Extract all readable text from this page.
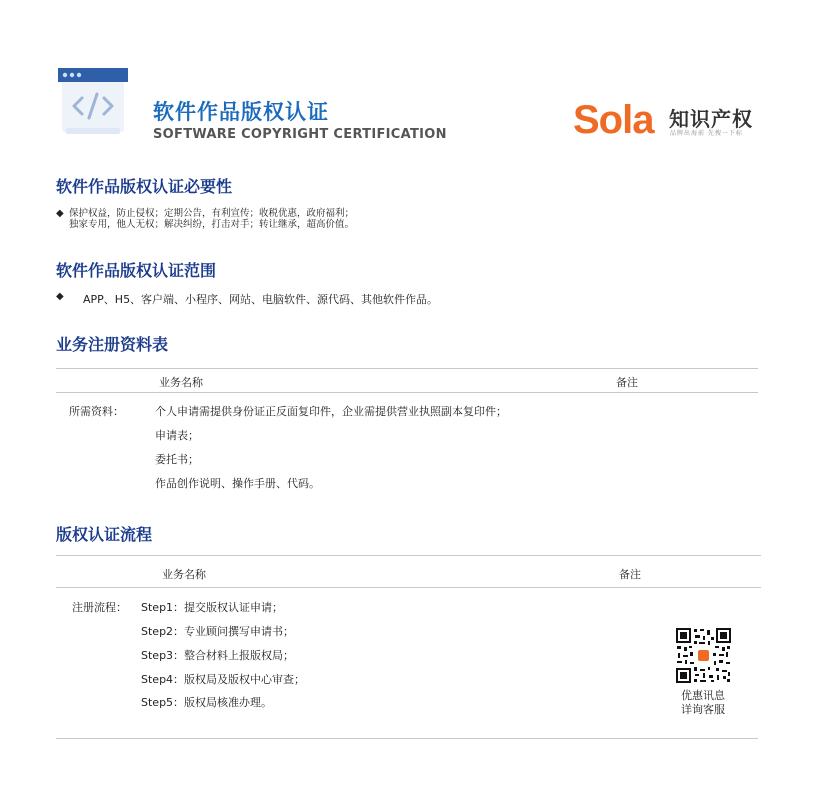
软件作品版权认证
SOFTWARE COPYRIGHT CERTIFICATION	Sola 知识产权
品牌出海前 先搜一下标
软件作品版权认证必要性
◆ 保护权益，防止侵权；定期公告，有利宣传；收税优惠，政府福利；
独家专用，他人无权；解决纠纷，打击对手；转让继承，超高价值。
软件作品版权认证范围
◆ APP、H5、客户端、小程序、网站、电脑软件、源代码、其他软件作品。
业务注册资料表
业务名称	备注
所需资料：	个人申请需提供身份证正反面复印件，企业需提供营业执照副本复印件；
申请表；
委托书；
作品创作说明、操作手册、代码。
版权认证流程
业务名称	备注
注册流程： Step1：提交版权认证申请；
Step2：专业顾问撰写申请书；
Step3：整合材料上报版权局；
Step4：版权局及版权中心审查；
Step5：版权局核准办理。
优惠讯息
详询客服
